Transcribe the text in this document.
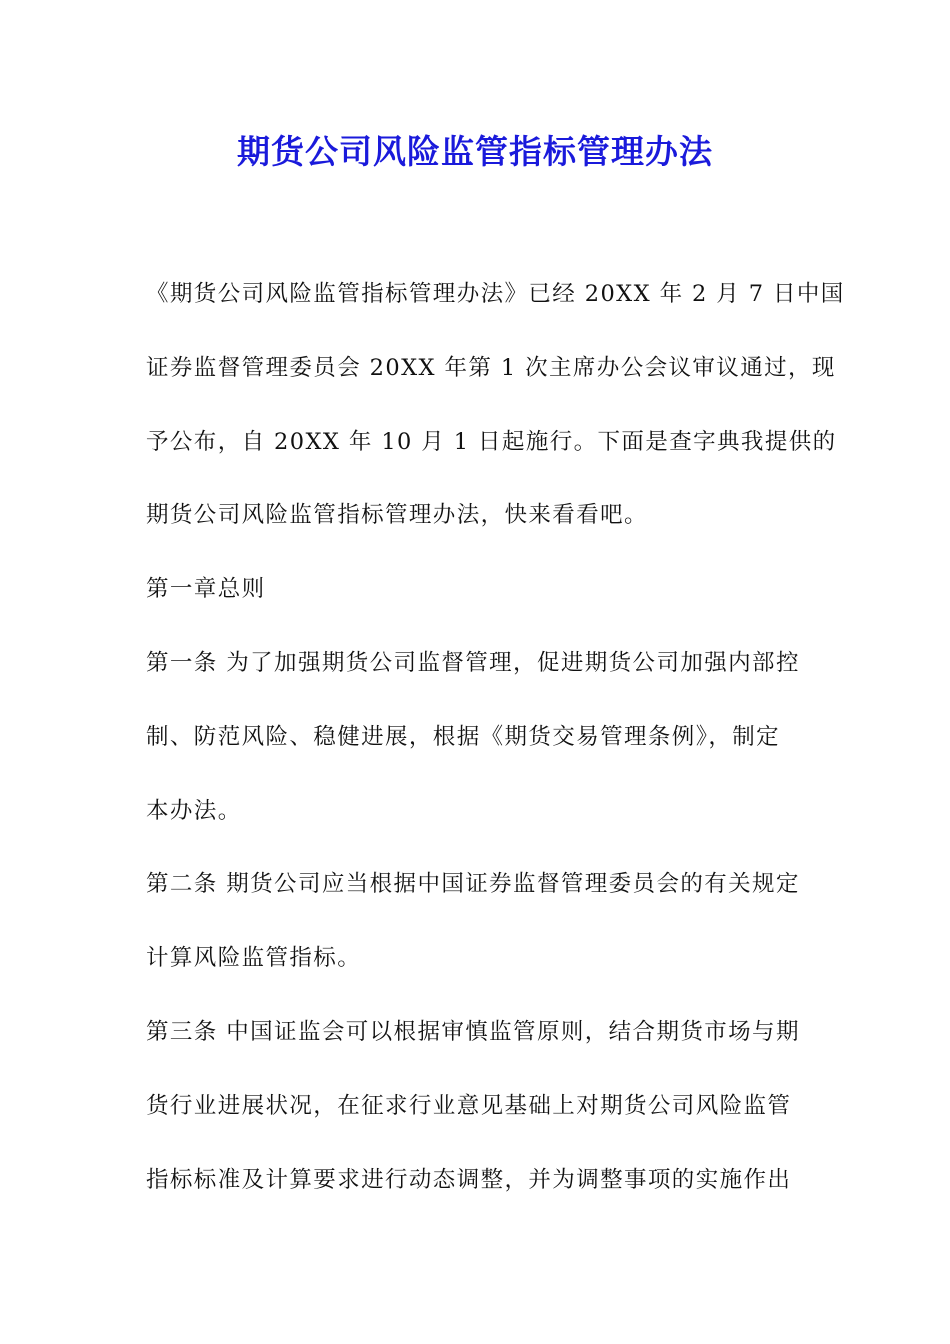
期货公司风险监管指标管理办法
《期货公司风险监管指标管理办法》已经 20XX 年 2 月 7 日中国
证券监督管理委员会 20XX 年第 1 次主席办公会议审议通过，现
予公布，自 20XX 年 10 月 1 日起施行。下面是查字典我提供的
期货公司风险监管指标管理办法，快来看看吧。
第一章总则
第一条 为了加强期货公司监督管理，促进期货公司加强内部控
制、防范风险、稳健进展，根据《期货交易管理条例》，制定
本办法。
第二条 期货公司应当根据中国证券监督管理委员会的有关规定
计算风险监管指标。
第三条 中国证监会可以根据审慎监管原则，结合期货市场与期
货行业进展状况，在征求行业意见基础上对期货公司风险监管
指标标准及计算要求进行动态调整，并为调整事项的实施作出
